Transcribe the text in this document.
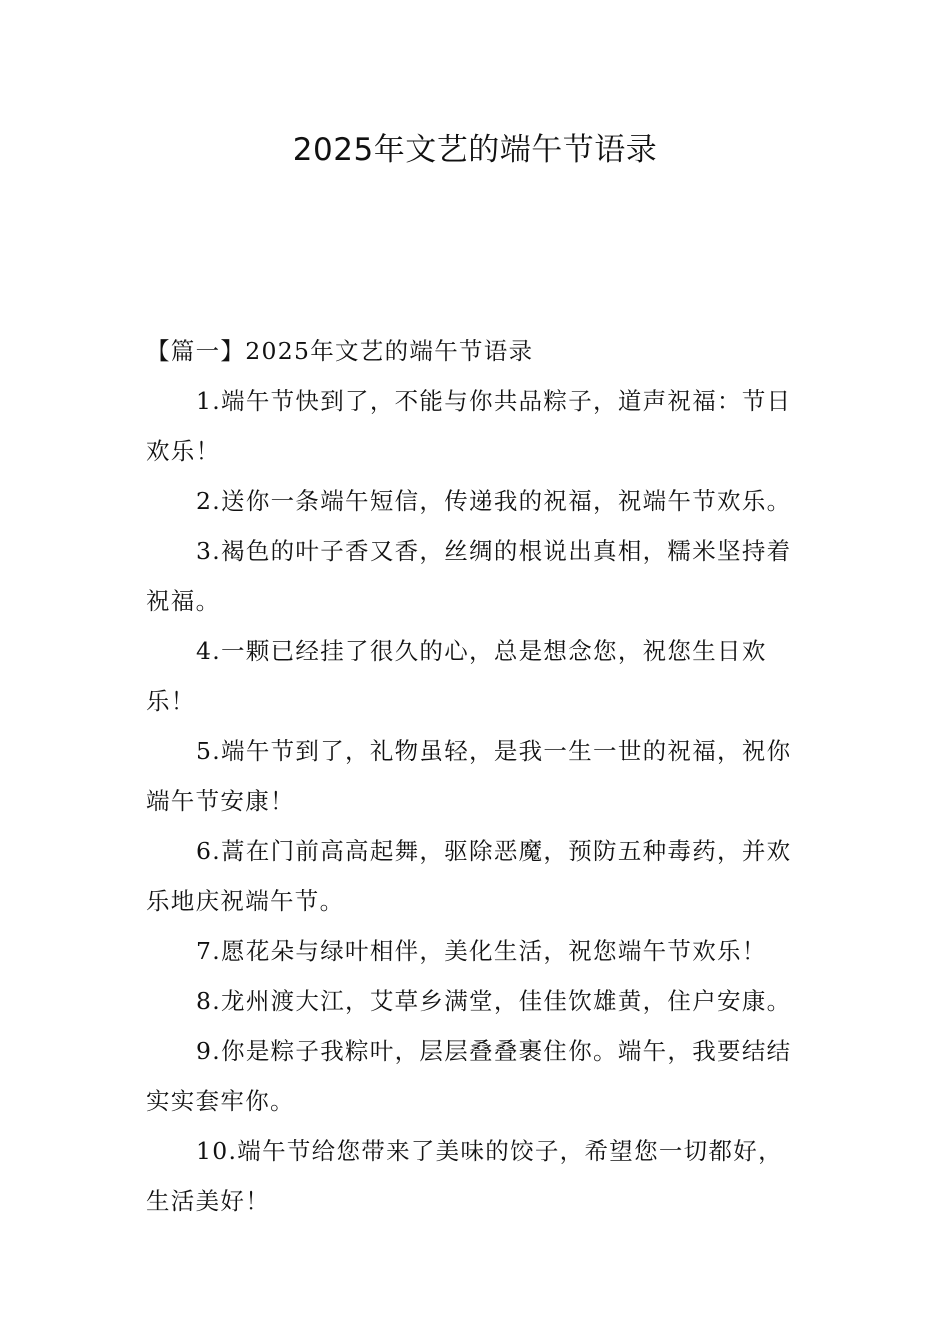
2025年文艺的端午节语录

【篇一】2025年文艺的端午节语录

1.端午节快到了，不能与你共品粽子，道声祝福：节日欢乐！

2.送你一条端午短信，传递我的祝福，祝端午节欢乐。

3.褐色的叶子香又香，丝绸的根说出真相，糯米坚持着祝福。

4.一颗已经挂了很久的心，总是想念您，祝您生日欢乐！

5.端午节到了，礼物虽轻，是我一生一世的祝福，祝你端午节安康！

6.蒿在门前高高起舞，驱除恶魔，预防五种毒药，并欢乐地庆祝端午节。

7.愿花朵与绿叶相伴，美化生活，祝您端午节欢乐！

8.龙州渡大江，艾草乡满堂，佳佳饮雄黄，住户安康。

9.你是粽子我粽叶，层层叠叠裹住你。端午，我要结结实实套牢你。

10.端午节给您带来了美味的饺子，希望您一切都好，生活美好！
